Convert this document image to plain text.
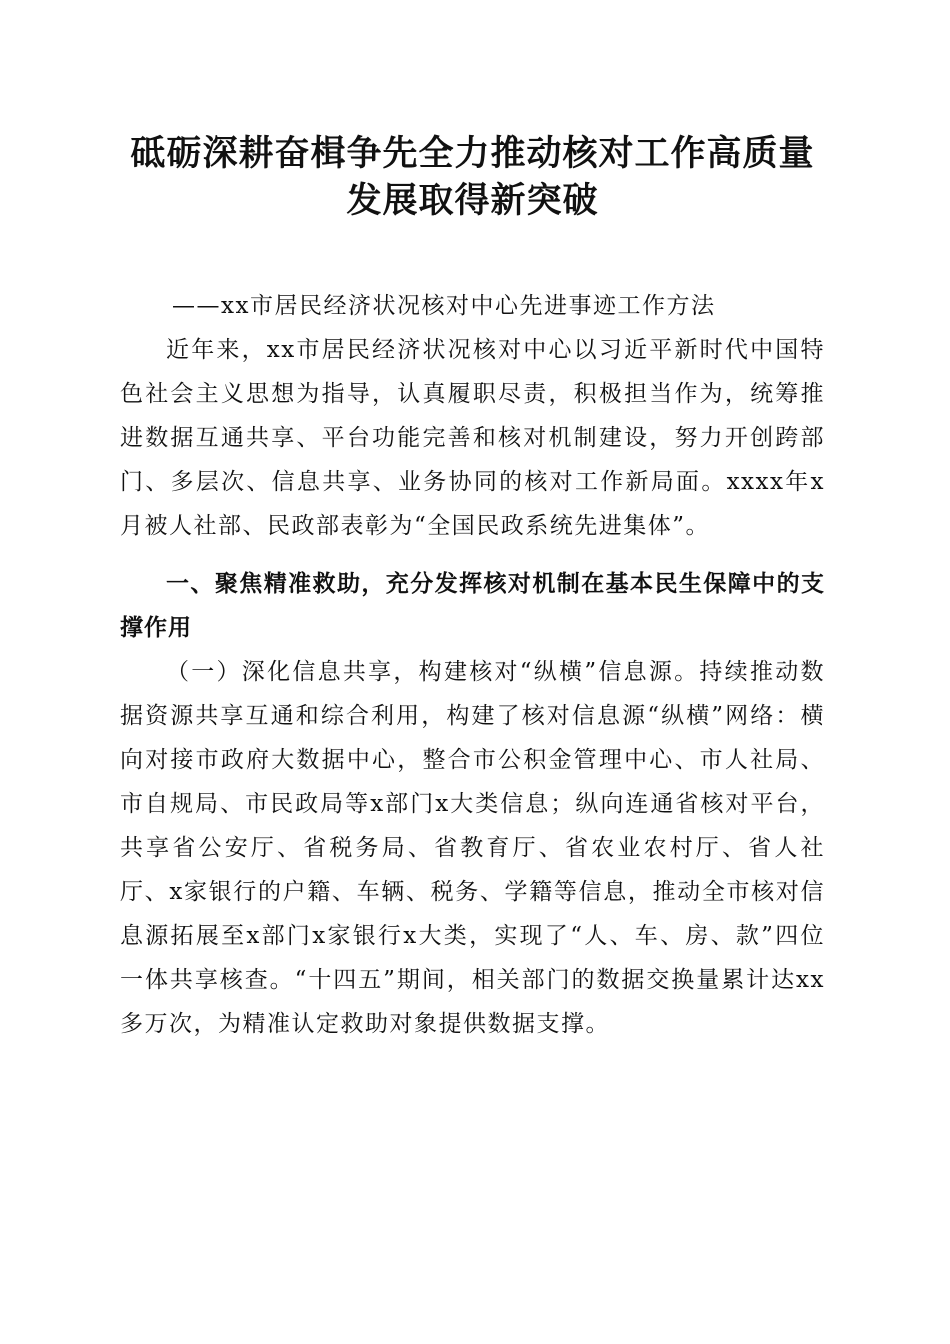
砥砺深耕奋楫争先全力推动核对工作高质量发展取得新突破

——xx市居民经济状况核对中心先进事迹工作方法

近年来，xx市居民经济状况核对中心以习近平新时代中国特色社会主义思想为指导，认真履职尽责，积极担当作为，统筹推进数据互通共享、平台功能完善和核对机制建设，努力开创跨部门、多层次、信息共享、业务协同的核对工作新局面。xxxx年x月被人社部、民政部表彰为“全国民政系统先进集体”。

一、聚焦精准救助，充分发挥核对机制在基本民生保障中的支撑作用

（一）深化信息共享，构建核对“纵横”信息源。持续推动数据资源共享互通和综合利用，构建了核对信息源“纵横”网络：横向对接市政府大数据中心，整合市公积金管理中心、市人社局、市自规局、市民政局等x部门x大类信息；纵向连通省核对平台，共享省公安厅、省税务局、省教育厅、省农业农村厅、省人社厅、x家银行的户籍、车辆、税务、学籍等信息，推动全市核对信息源拓展至x部门x家银行x大类，实现了“人、车、房、款”四位一体共享核查。“十四五”期间，相关部门的数据交换量累计达xx多万次，为精准认定救助对象提供数据支撑。
